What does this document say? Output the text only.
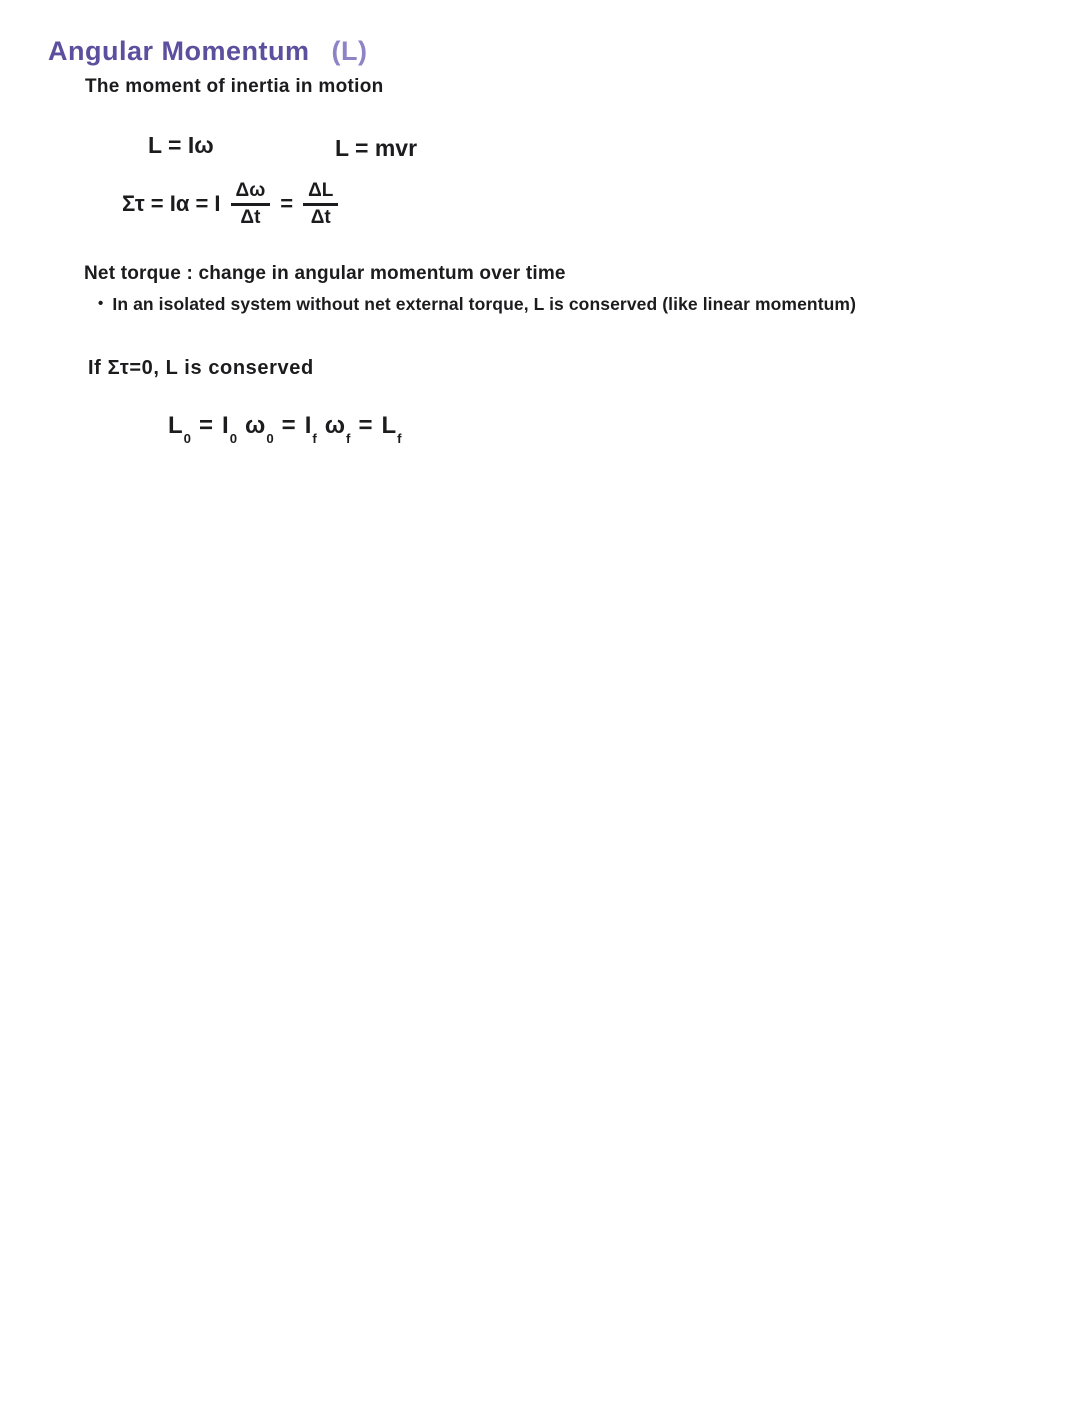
Angular Momentum (L)

The moment of inertia in motion

L = Iω	L = mvr

Στ = Iα = I $\frac{\Delta\omega}{\Delta t} = \frac{\Delta L}{\Delta t}$

Net torque : change in angular momentum over time

• In an isolated system without net external torque, L is conserved (like linear momentum)

If Στ=0, L is conserved

$L_0 = I_0$ $\omega_0 = I_f$ $\omega_f = L_f$
